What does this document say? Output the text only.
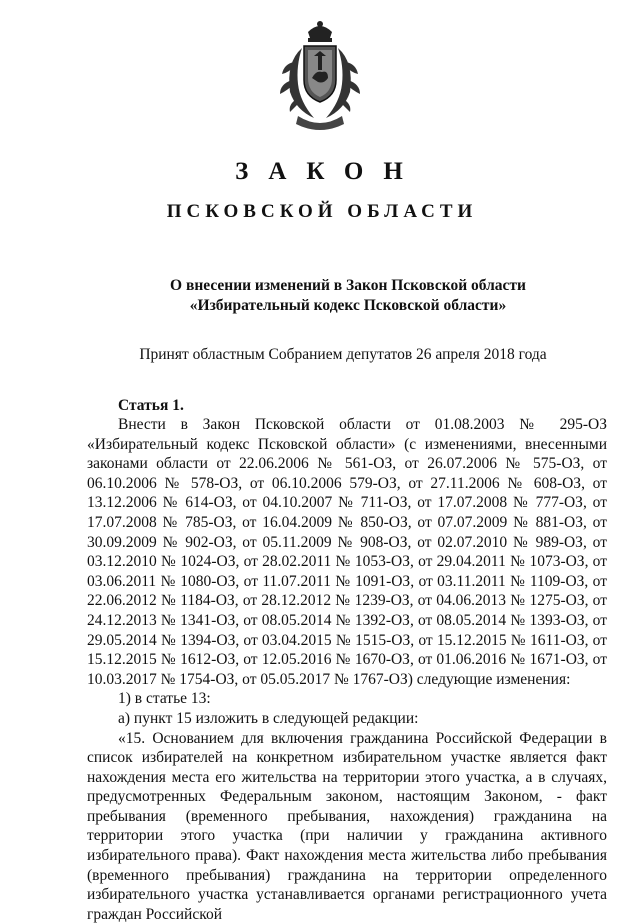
ЗАКОН
ПСКОВСКОЙ ОБЛАСТИ
О внесении изменений в Закон Псковской области
«Избирательный кодекс Псковской области»
Принят областным Собранием депутатов 26 апреля 2018 года
Статья 1.

Внести в Закон Псковской области от 01.08.2003 № 295-ОЗ «Избирательный кодекс Псковской области» (с изменениями, внесенными законами области от 22.06.2006 № 561-ОЗ, от 26.07.2006 № 575-ОЗ, от 06.10.2006 № 578-ОЗ, от 06.10.2006 579-ОЗ, от 27.11.2006 № 608-ОЗ, от 13.12.2006 № 614-ОЗ, от 04.10.2007 № 711-ОЗ, от 17.07.2008 № 777-ОЗ, от 17.07.2008 № 785-ОЗ, от 16.04.2009 № 850-ОЗ, от 07.07.2009 № 881-ОЗ, от 30.09.2009 № 902-ОЗ, от 05.11.2009 № 908-ОЗ, от 02.07.2010 № 989-ОЗ, от 03.12.2010 № 1024-ОЗ, от 28.02.2011 № 1053-ОЗ, от 29.04.2011 № 1073-ОЗ, от 03.06.2011 № 1080-ОЗ, от 11.07.2011 № 1091-ОЗ, от 03.11.2011 № 1109-ОЗ, от 22.06.2012 № 1184-ОЗ, от 28.12.2012 № 1239-ОЗ, от 04.06.2013 № 1275-ОЗ, от 24.12.2013 № 1341-ОЗ, от 08.05.2014 № 1392-ОЗ, от 08.05.2014 № 1393-ОЗ, от 29.05.2014 № 1394-ОЗ, от 03.04.2015 № 1515-ОЗ, от 15.12.2015 № 1611-ОЗ, от 15.12.2015 № 1612-ОЗ, от 12.05.2016 № 1670-ОЗ, от 01.06.2016 № 1671-ОЗ, от 10.03.2017 № 1754-ОЗ, от 05.05.2017 № 1767-ОЗ) следующие изменения:

1) в статье 13:

а) пункт 15 изложить в следующей редакции:

«15. Основанием для включения гражданина Российской Федерации в список избирателей на конкретном избирательном участке является факт нахождения места его жительства на территории этого участка, а в случаях, предусмотренных Федеральным законом, настоящим Законом, - факт пребывания (временного пребывания, нахождения) гражданина на территории этого участка (при наличии у гражданина активного избирательного права). Факт нахождения места жительства либо пребывания (временного пребывания) гражданина на территории определенного избирательного участка устанавливается органами регистрационного учета граждан Российской
